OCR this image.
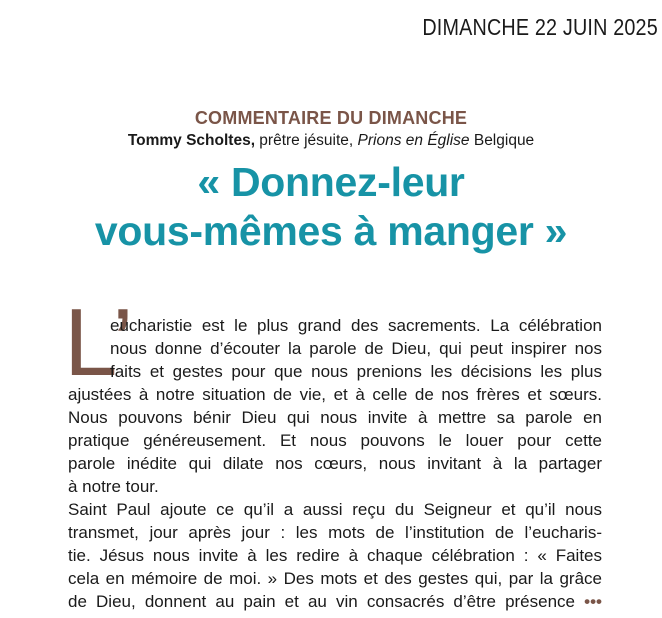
DIMANCHE 22 JUIN 2025
COMMENTAIRE DU DIMANCHE
Tommy Scholtes, prêtre jésuite, Prions en Église Belgique
« Donnez-leur
vous-mêmes à manger »
L’
eucharistie est le plus grand des sacrements. La célébration
nous donne d’écouter la parole de Dieu, qui peut inspirer nos
faits et gestes pour que nous prenions les décisions les plus
ajustées à notre situation de vie, et à celle de nos frères et sœurs.
Nous pouvons bénir Dieu qui nous invite à mettre sa parole en
pratique généreusement. Et nous pouvons le louer pour cette
parole inédite qui dilate nos cœurs, nous invitant à la partager
à notre tour.
Saint Paul ajoute ce qu’il a aussi reçu du Seigneur et qu’il nous
transmet, jour après jour : les mots de l’institution de l’eucharis-
tie. Jésus nous invite à les redire à chaque célébration : « Faites
cela en mémoire de moi. » Des mots et des gestes qui, par la grâce
de Dieu, donnent au pain et au vin consacrés d’être présence •••
